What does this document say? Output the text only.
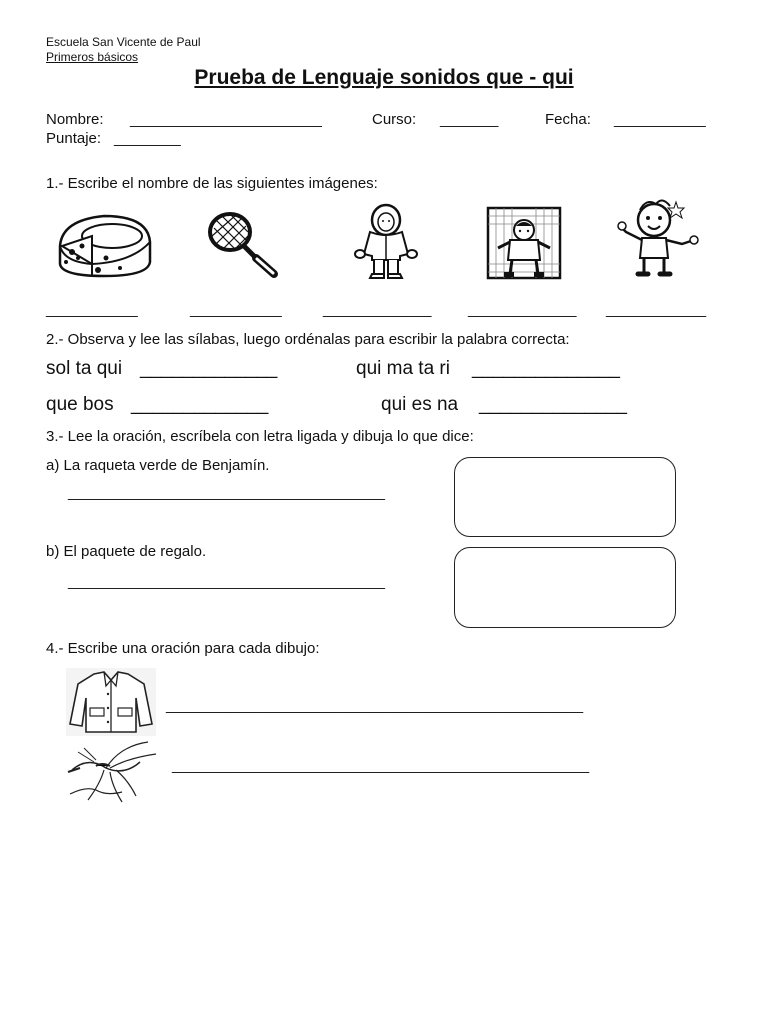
Escuela San Vicente de Paul
Primeros básicos
Prueba de Lenguaje sonidos que - qui
Nombre: _______________________	Curso: _______	Fecha: ___________
Puntaje: ________
1.- Escribe el nombre de las siguientes imágenes:
___________	___________	_____________ _____________ ____________
2.- Observa y lee las sílabas, luego ordénalas para escribir la palabra correcta:
sol ta qui _____________	qui ma ta ri ______________
que bos _____________	qui es na ______________
3.- Lee la oración, escríbela con letra ligada y dibuja lo que dice:
a) La raqueta verde de Benjamín.
______________________________________
b) El paquete de regalo.
______________________________________
4.- Escribe una oración para cada dibujo:
__________________________________________________
__________________________________________________
